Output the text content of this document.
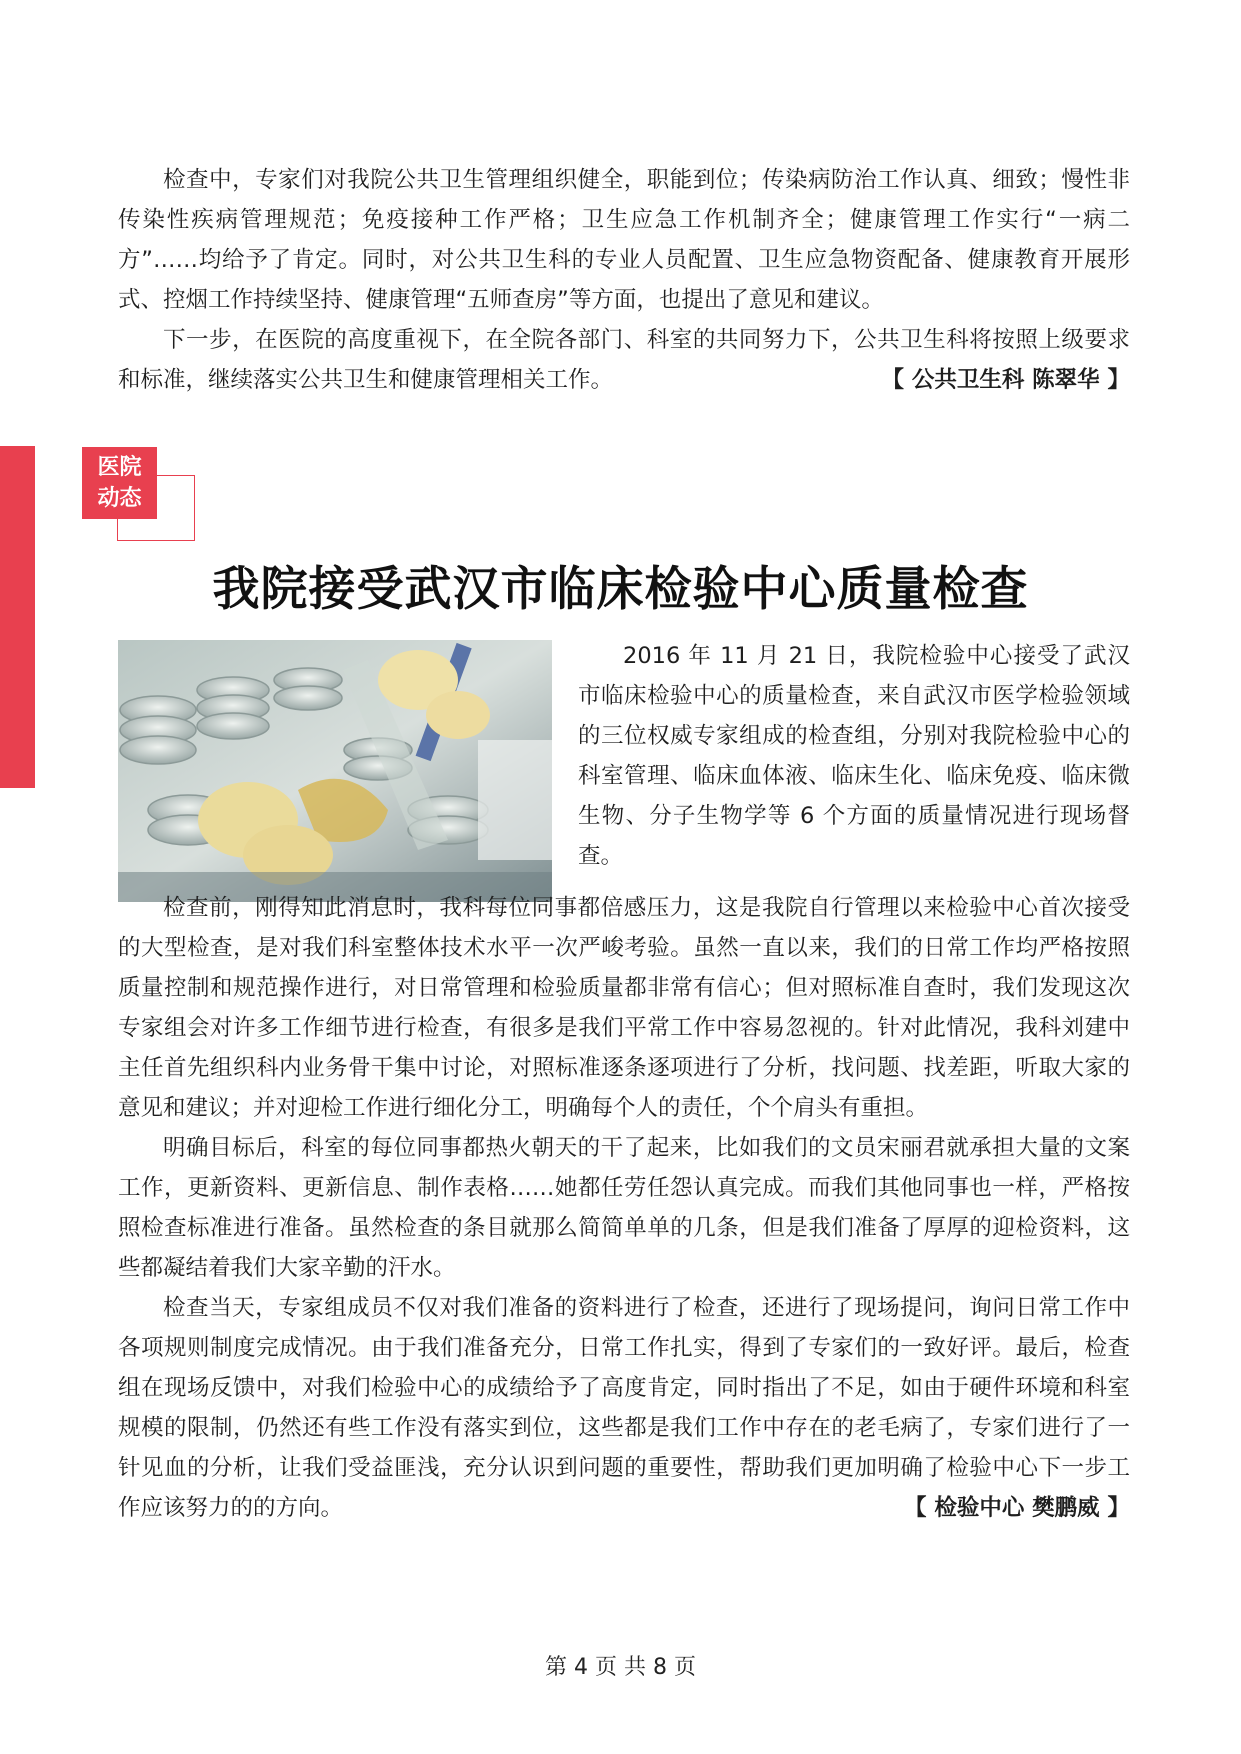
检查中，专家们对我院公共卫生管理组织健全，职能到位；传染病防治工作认真、细致；慢性非传染性疾病管理规范；免疫接种工作严格；卫生应急工作机制齐全；健康管理工作实行“一病二方”……均给予了肯定。同时，对公共卫生科的专业人员配置、卫生应急物资配备、健康教育开展形式、控烟工作持续坚持、健康管理“五师查房”等方面，也提出了意见和建议。

下一步，在医院的高度重视下，在全院各部门、科室的共同努力下，公共卫生科将按照上级要求和标准，继续落实公共卫生和健康管理相关工作。	【 公共卫生科 陈翠华 】

医院
动态
我院接受武汉市临床检验中心质量检查

2016 年 11 月 21 日，我院检验中心接受了武汉市临床检验中心的质量检查，来自武汉市医学检验领域的三位权威专家组成的检查组，分别对我院检验中心的科室管理、临床血体液、临床生化、临床免疫、临床微生物、分子生物学等 6 个方面的质量情况进行现场督查。

检查前，刚得知此消息时，我科每位同事都倍感压力，这是我院自行管理以来检验中心首次接受的大型检查，是对我们科室整体技术水平一次严峻考验。虽然一直以来，我们的日常工作均严格按照质量控制和规范操作进行，对日常管理和检验质量都非常有信心；但对照标准自查时，我们发现这次专家组会对许多工作细节进行检查，有很多是我们平常工作中容易忽视的。针对此情况，我科刘建中主任首先组织科内业务骨干集中讨论，对照标准逐条逐项进行了分析，找问题、找差距，听取大家的意见和建议；并对迎检工作进行细化分工，明确每个人的责任，个个肩头有重担。

明确目标后，科室的每位同事都热火朝天的干了起来，比如我们的文员宋丽君就承担大量的文案工作，更新资料、更新信息、制作表格……她都任劳任怨认真完成。而我们其他同事也一样，严格按照检查标准进行准备。虽然检查的条目就那么简简单单的几条，但是我们准备了厚厚的迎检资料，这些都凝结着我们大家辛勤的汗水。

检查当天，专家组成员不仅对我们准备的资料进行了检查，还进行了现场提问，询问日常工作中各项规则制度完成情况。由于我们准备充分，日常工作扎实，得到了专家们的一致好评。最后，检查组在现场反馈中，对我们检验中心的成绩给予了高度肯定，同时指出了不足，如由于硬件环境和科室规模的限制，仍然还有些工作没有落实到位，这些都是我们工作中存在的老毛病了，专家们进行了一针见血的分析，让我们受益匪浅，充分认识到问题的重要性，帮助我们更加明确了检验中心下一步工作应该努力的的方向。	【 检验中心 樊鹏威 】

第 4 页 共 8 页
